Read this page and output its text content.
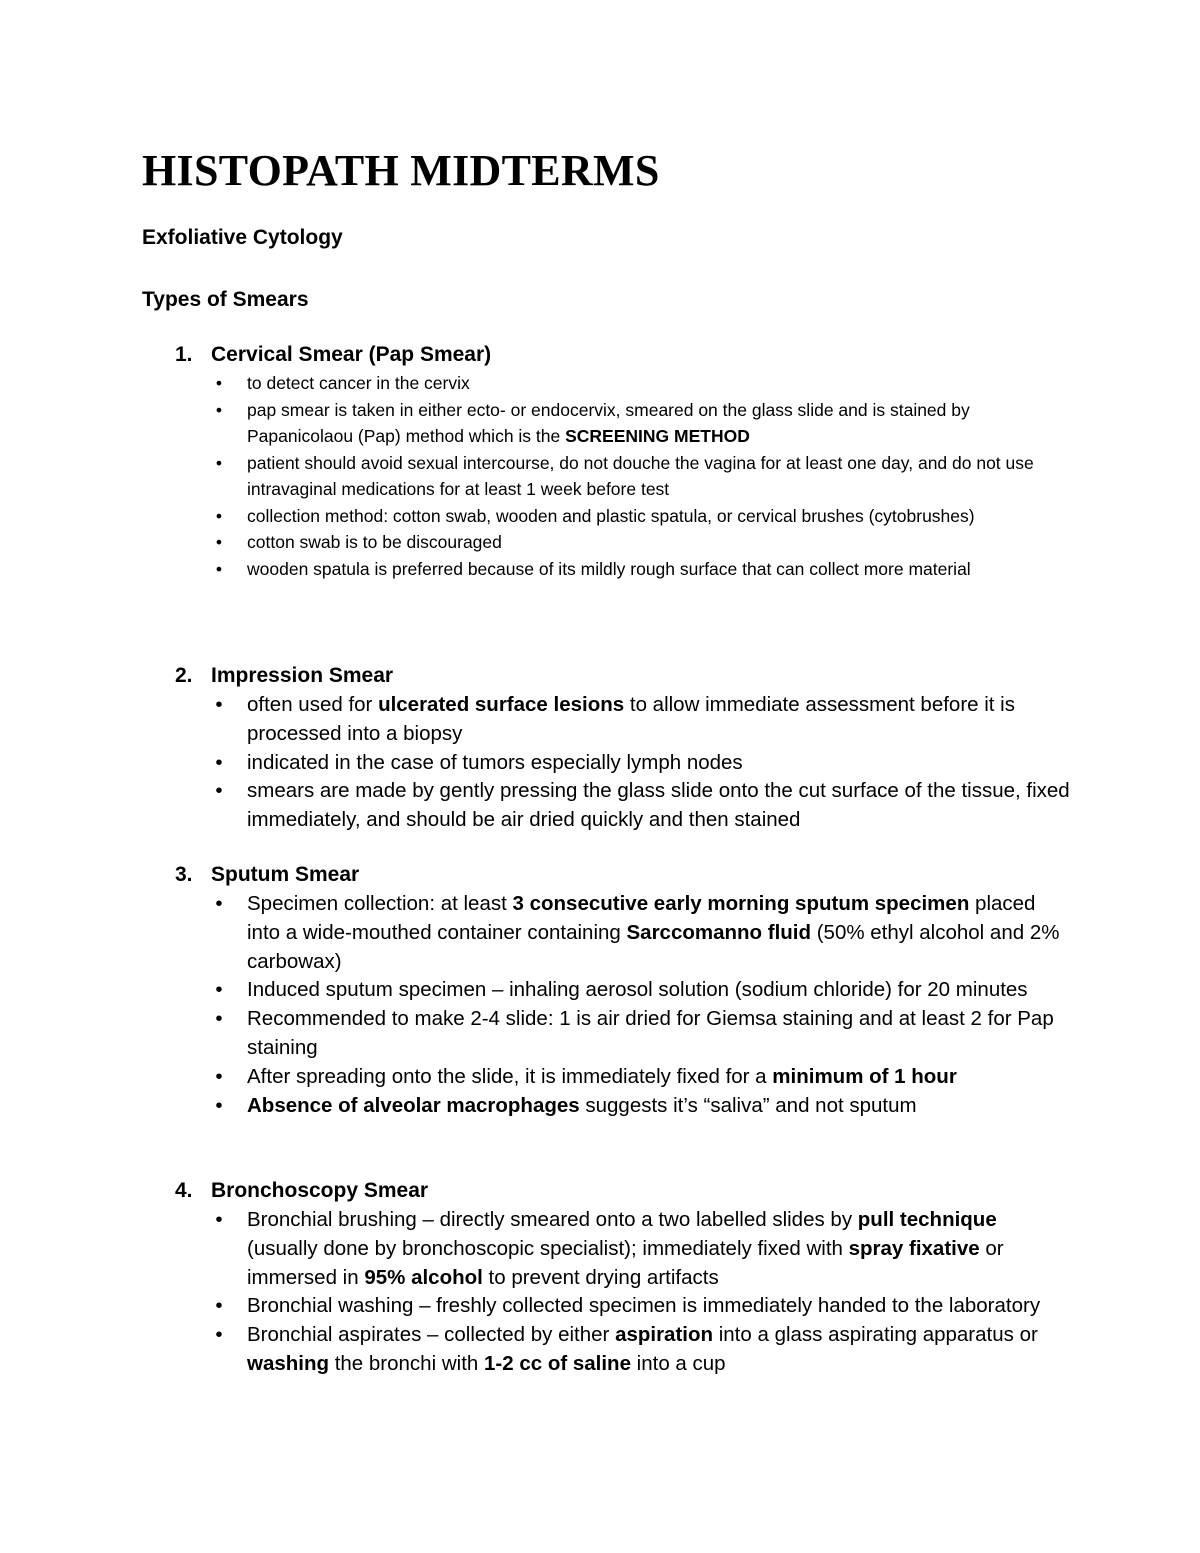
HISTOPATH MIDTERMS
Exfoliative Cytology
Types of Smears
1. Cervical Smear (Pap Smear)
• to detect cancer in the cervix
• pap smear is taken in either ecto- or endocervix, smeared on the glass slide and is stained by Papanicolaou (Pap) method which is the SCREENING METHOD
• patient should avoid sexual intercourse, do not douche the vagina for at least one day, and do not use intravaginal medications for at least 1 week before test
• collection method: cotton swab, wooden and plastic spatula, or cervical brushes (cytobrushes)
• cotton swab is to be discouraged
• wooden spatula is preferred because of its mildly rough surface that can collect more material
2. Impression Smear
• often used for ulcerated surface lesions to allow immediate assessment before it is processed into a biopsy
• indicated in the case of tumors especially lymph nodes
• smears are made by gently pressing the glass slide onto the cut surface of the tissue, fixed immediately, and should be air dried quickly and then stained
3. Sputum Smear
• Specimen collection: at least 3 consecutive early morning sputum specimen placed into a wide-mouthed container containing Sarccomanno fluid (50% ethyl alcohol and 2% carbowax)
• Induced sputum specimen – inhaling aerosol solution (sodium chloride) for 20 minutes
• Recommended to make 2-4 slide: 1 is air dried for Giemsa staining and at least 2 for Pap staining
• After spreading onto the slide, it is immediately fixed for a minimum of 1 hour
• Absence of alveolar macrophages suggests it’s “saliva” and not sputum
4. Bronchoscopy Smear
• Bronchial brushing – directly smeared onto a two labelled slides by pull technique (usually done by bronchoscopic specialist); immediately fixed with spray fixative or immersed in 95% alcohol to prevent drying artifacts
• Bronchial washing – freshly collected specimen is immediately handed to the laboratory
• Bronchial aspirates – collected by either aspiration into a glass aspirating apparatus or washing the bronchi with 1-2 cc of saline into a cup
